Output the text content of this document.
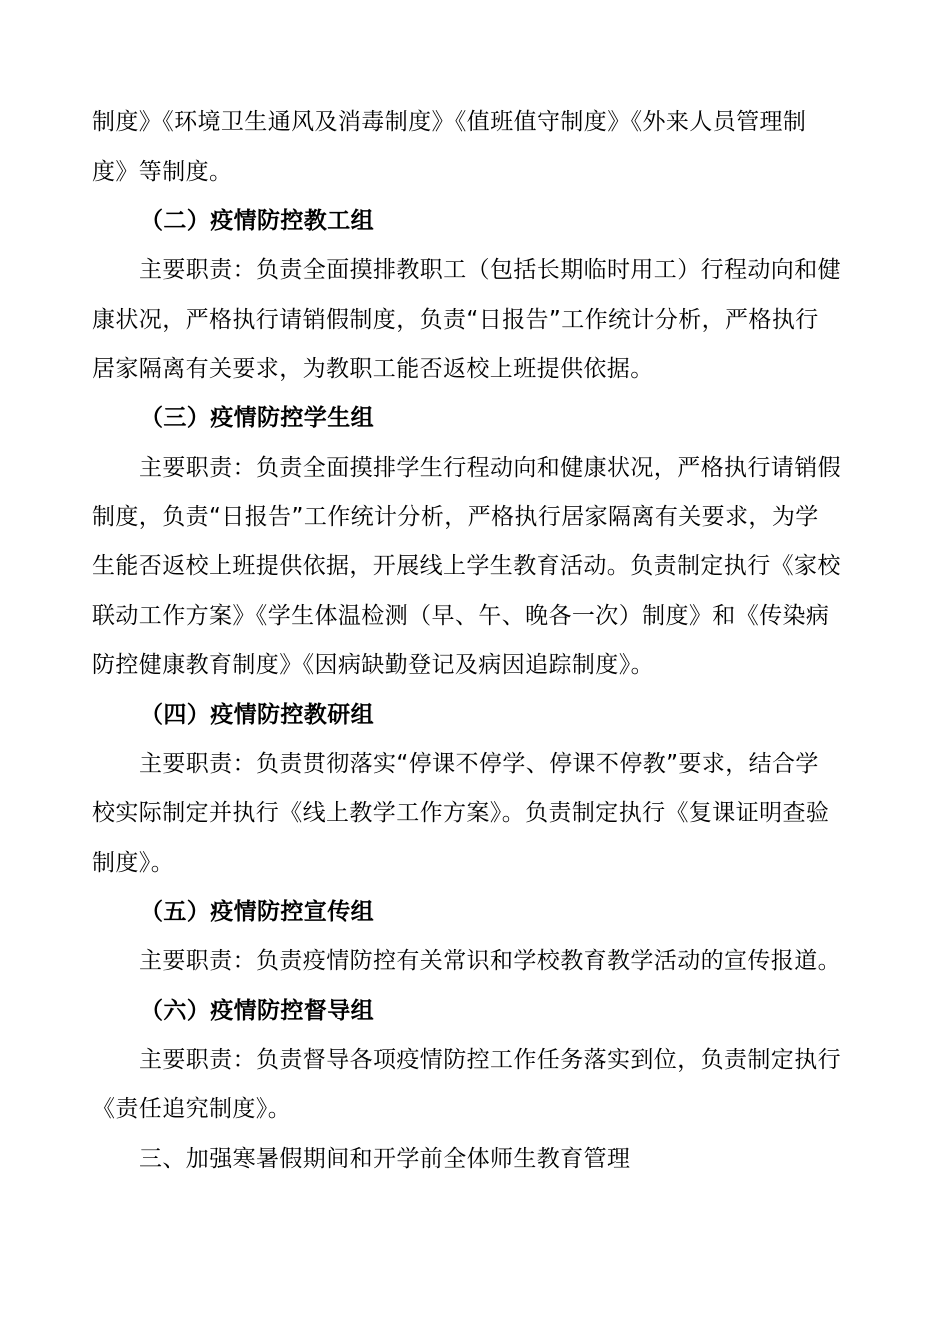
制度》《环境卫生通风及消毒制度》《值班值守制度》《外来人员管理制
度》等制度。
（二）疫情防控教工组
主要职责：负责全面摸排教职工（包括长期临时用工）行程动向和健
康状况，严格执行请销假制度，负责“日报告”工作统计分析，严格执行
居家隔离有关要求，为教职工能否返校上班提供依据。
（三）疫情防控学生组
主要职责：负责全面摸排学生行程动向和健康状况，严格执行请销假
制度，负责“日报告”工作统计分析，严格执行居家隔离有关要求，为学
生能否返校上班提供依据，开展线上学生教育活动。负责制定执行《家校
联动工作方案》《学生体温检测（早、午、晚各一次）制度》和《传染病
防控健康教育制度》《因病缺勤登记及病因追踪制度》。
（四）疫情防控教研组
主要职责：负责贯彻落实“停课不停学、停课不停教”要求，结合学
校实际制定并执行《线上教学工作方案》。负责制定执行《复课证明查验
制度》。
（五）疫情防控宣传组
主要职责：负责疫情防控有关常识和学校教育教学活动的宣传报道。
（六）疫情防控督导组
主要职责：负责督导各项疫情防控工作任务落实到位，负责制定执行
《责任追究制度》。
三、加强寒暑假期间和开学前全体师生教育管理
